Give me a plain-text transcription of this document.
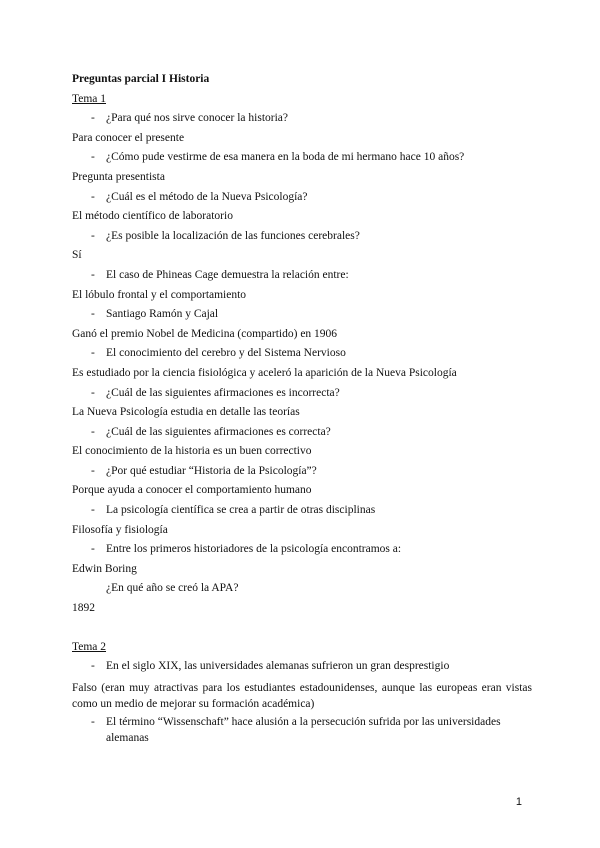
Preguntas parcial I Historia
Tema 1
- ¿Para qué nos sirve conocer la historia?
Para conocer el presente
- ¿Cómo pude vestirme de esa manera en la boda de mi hermano hace 10 años?
Pregunta presentista
- ¿Cuál es el método de la Nueva Psicología?
El método científico de laboratorio
- ¿Es posible la localización de las funciones cerebrales?
Sí
- El caso de Phineas Cage demuestra la relación entre:
El lóbulo frontal y el comportamiento
- Santiago Ramón y Cajal
Ganó el premio Nobel de Medicina (compartido) en 1906
- El conocimiento del cerebro y del Sistema Nervioso
Es estudiado por la ciencia fisiológica y aceleró la aparición de la Nueva Psicología
- ¿Cuál de las siguientes afirmaciones es incorrecta?
La Nueva Psicología estudia en detalle las teorías
- ¿Cuál de las siguientes afirmaciones es correcta?
El conocimiento de la historia es un buen correctivo
- ¿Por qué estudiar “Historia de la Psicología”?
Porque ayuda a conocer el comportamiento humano
- La psicología científica se crea a partir de otras disciplinas
Filosofía y fisiología
- Entre los primeros historiadores de la psicología encontramos a:
Edwin Boring
¿En qué año se creó la APA?
1892
Tema 2
- En el siglo XIX, las universidades alemanas sufrieron un gran desprestigio
Falso (eran muy atractivas para los estudiantes estadounidenses, aunque las europeas eran vistas como un medio de mejorar su formación académica)
- El término “Wissenschaft” hace alusión a la persecución sufrida por las universidades alemanas
1
